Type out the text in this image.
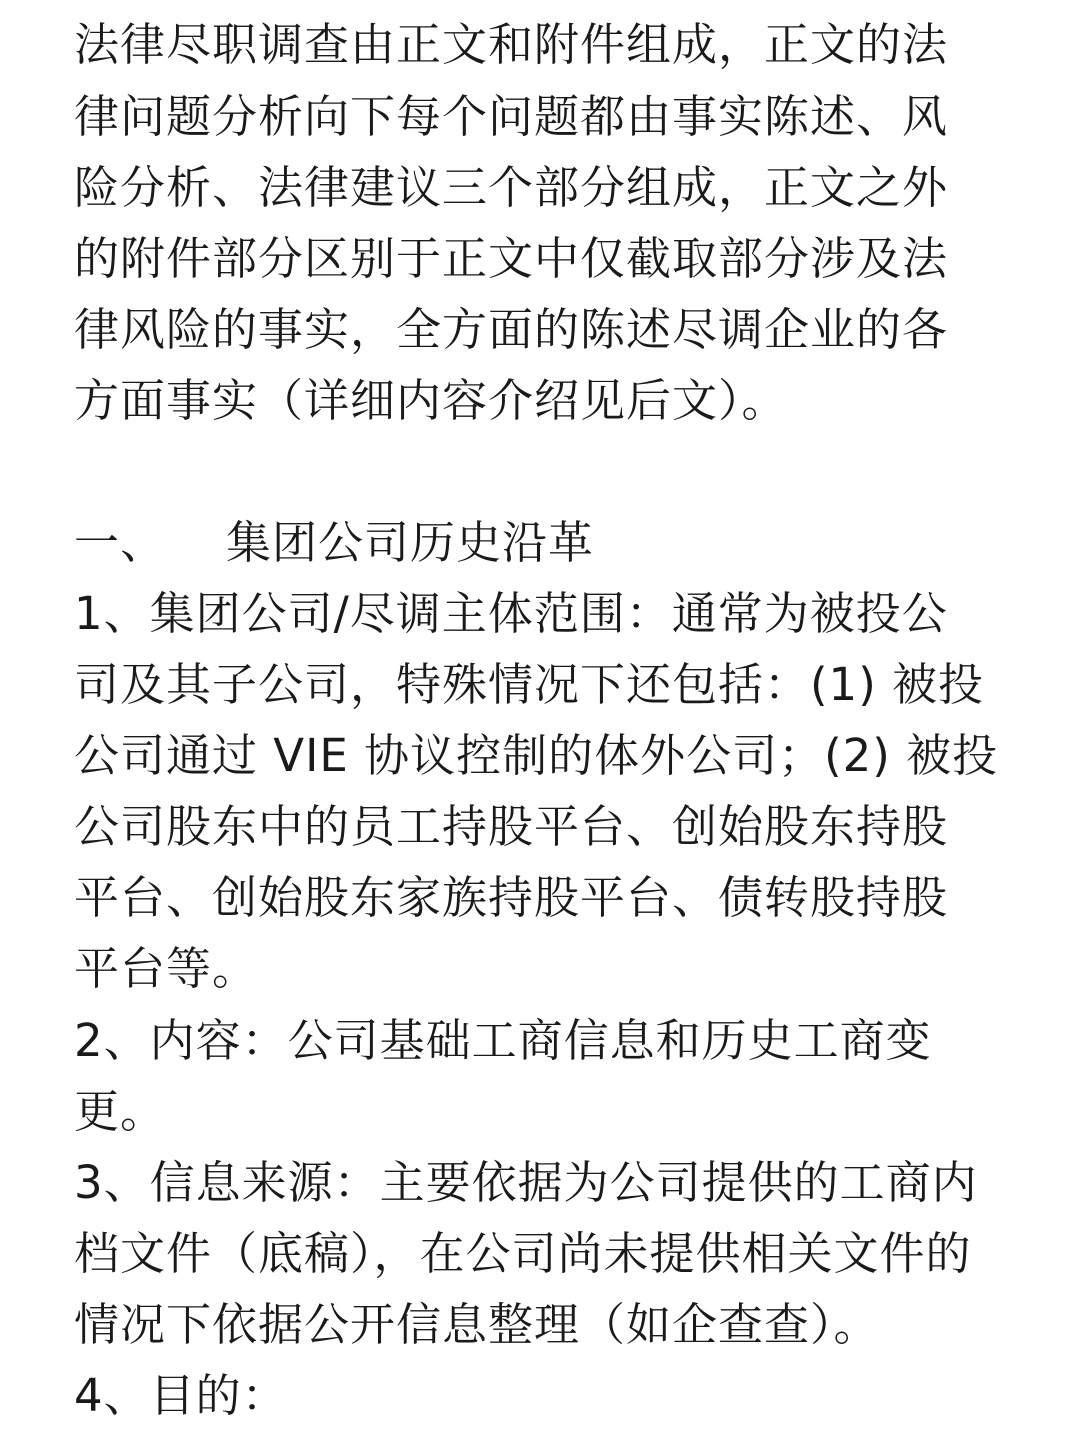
法律尽职调查由正文和附件组成，正文的法
律问题分析向下每个问题都由事实陈述、风
险分析、法律建议三个部分组成，正文之外
的附件部分区别于正文中仅截取部分涉及法
律风险的事实，全方面的陈述尽调企业的各
方面事实（详细内容介绍见后文）。
一、 集团公司历史沿革
1、集团公司/尽调主体范围：通常为被投公
司及其子公司，特殊情况下还包括：(1) 被投
公司通过 VIE 协议控制的体外公司；(2) 被投
公司股东中的员工持股平台、创始股东持股
平台、创始股东家族持股平台、债转股持股
平台等。
2、内容：公司基础工商信息和历史工商变
更。
3、信息来源：主要依据为公司提供的工商内
档文件（底稿），在公司尚未提供相关文件的
情况下依据公开信息整理（如企查查）。
4、目的：
